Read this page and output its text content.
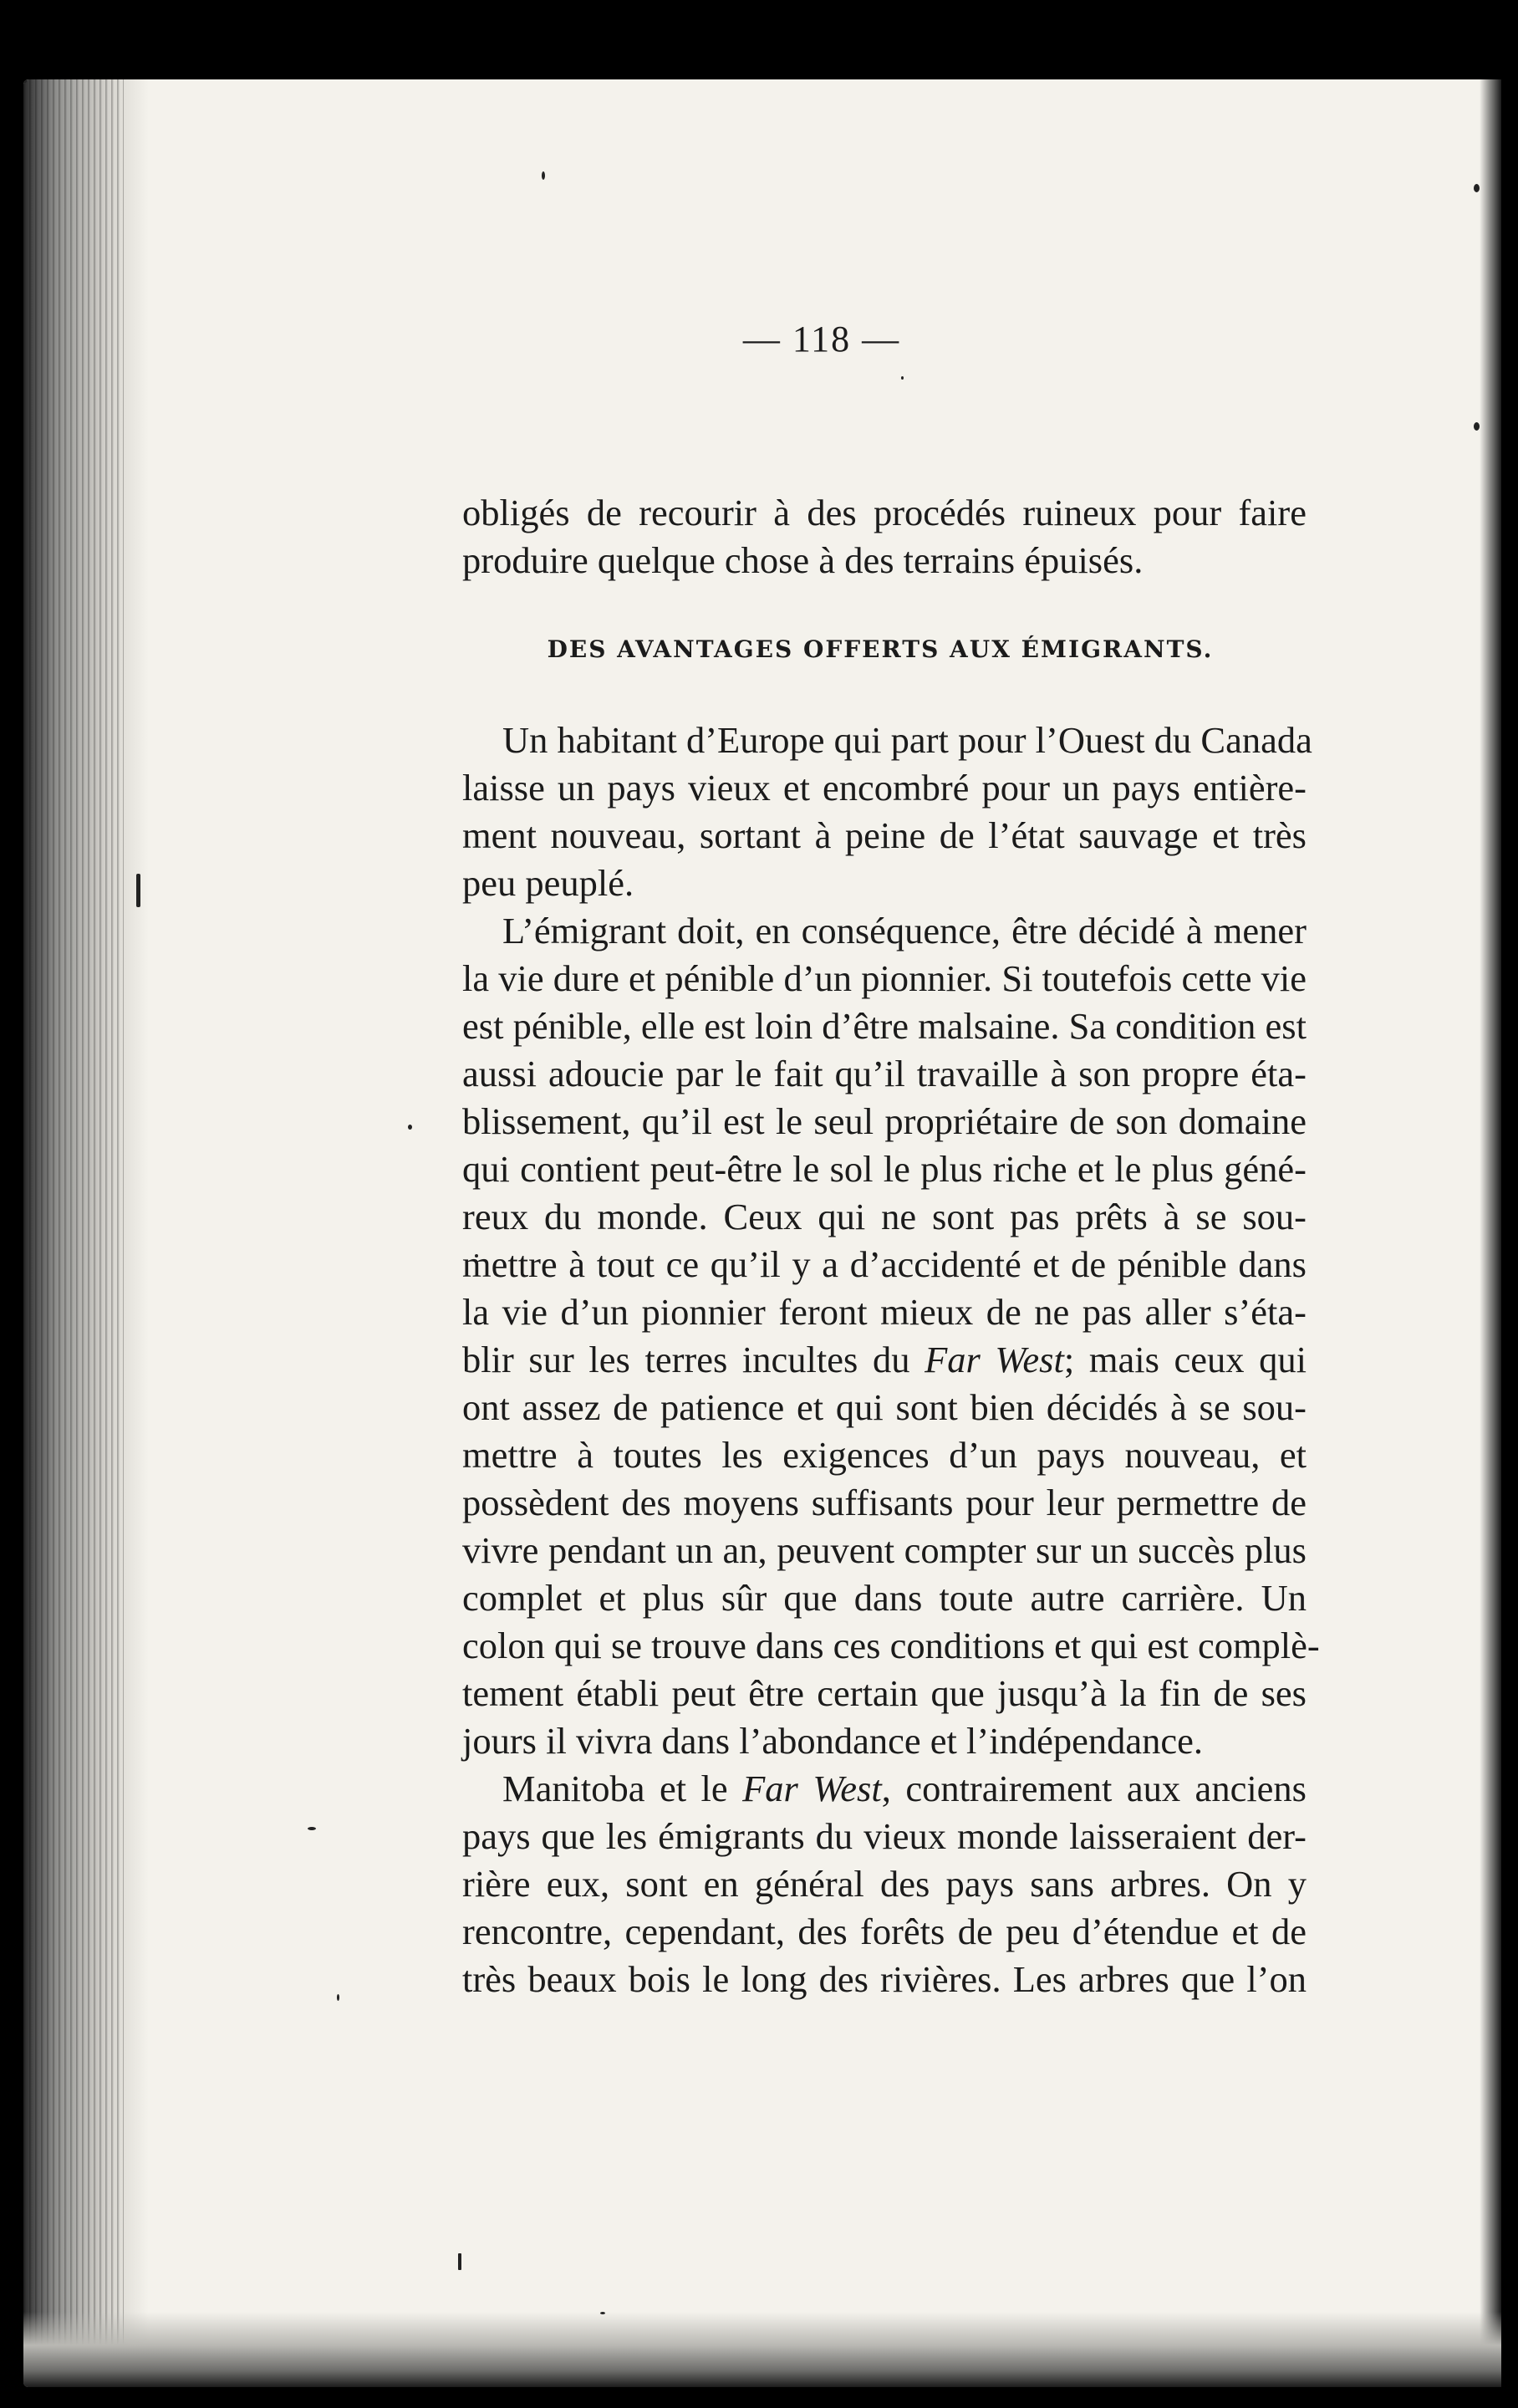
— 118 —
obligés de recourir à des procédés ruineux pour faire
produire quelque chose à des terrains épuisés.
DES AVANTAGES OFFERTS AUX ÉMIGRANTS.
Un habitant d’Europe qui part pour l’Ouest du Canada
laisse un pays vieux et encombré pour un pays entière-
ment nouveau, sortant à peine de l’état sauvage et très
peu peuplé.
L’émigrant doit, en conséquence, être décidé à mener
la vie dure et pénible d’un pionnier. Si toutefois cette vie
est pénible, elle est loin d’être malsaine. Sa condition est
aussi adoucie par le fait qu’il travaille à son propre éta-
blissement, qu’il est le seul propriétaire de son domaine
qui contient peut-être le sol le plus riche et le plus géné-
reux du monde. Ceux qui ne sont pas prêts à se sou-
mettre à tout ce qu’il y a d’accidenté et de pénible dans
la vie d’un pionnier feront mieux de ne pas aller s’éta-
blir sur les terres incultes du Far West; mais ceux qui
ont assez de patience et qui sont bien décidés à se sou-
mettre à toutes les exigences d’un pays nouveau, et
possèdent des moyens suffisants pour leur permettre de
vivre pendant un an, peuvent compter sur un succès plus
complet et plus sûr que dans toute autre carrière. Un
colon qui se trouve dans ces conditions et qui est complè-
tement établi peut être certain que jusqu’à la fin de ses
jours il vivra dans l’abondance et l’indépendance.
Manitoba et le Far West, contrairement aux anciens
pays que les émigrants du vieux monde laisseraient der-
rière eux, sont en général des pays sans arbres. On y
rencontre, cependant, des forêts de peu d’étendue et de
très beaux bois le long des rivières. Les arbres que l’on
